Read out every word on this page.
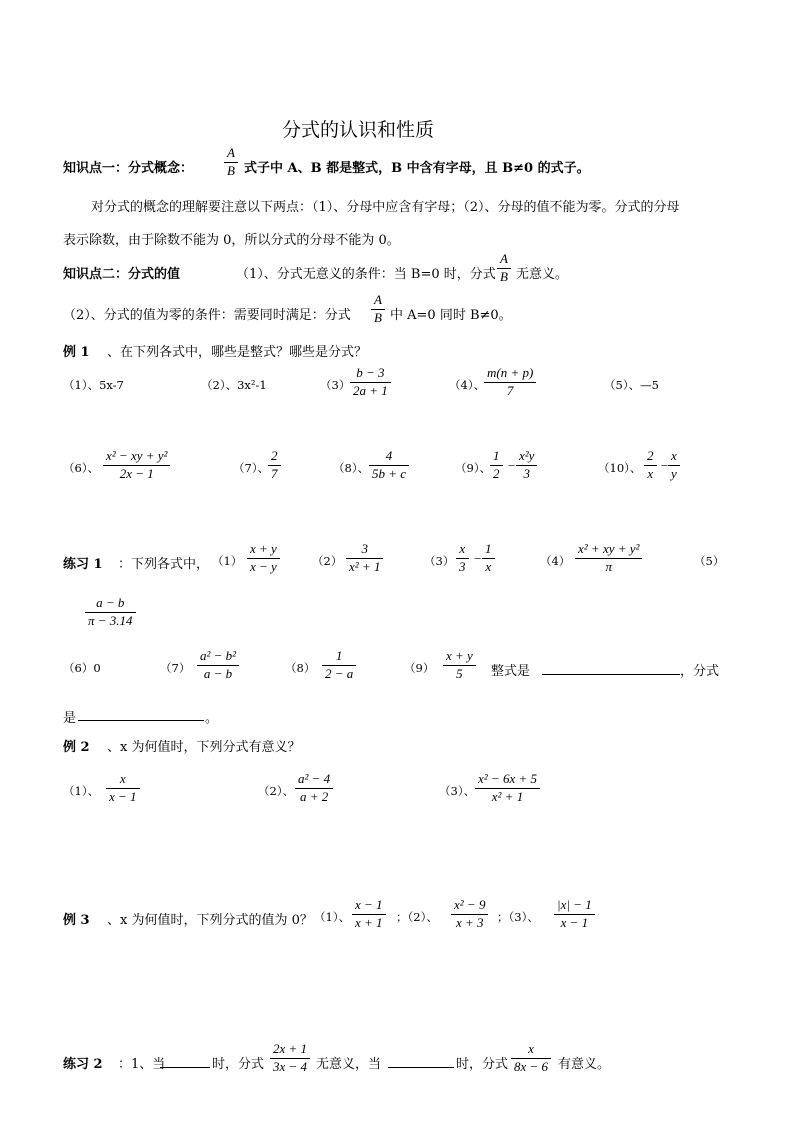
分式的认识和性质
知识点一：分式概念：
A
B 式子中 A、B 都是整式，B 中含有字母，且 B≠0 的式子。
对分式的概念的理解要注意以下两点：（1）、分母中应含有字母；（2）、分母的值不能为零。分式的分母
表示除数，由于除数不能为 0，所以分式的分母不能为 0。
知识点二：分式的值	（1）、分式无意义的条件：当 B=0 时，分式
A
B 无意义。
（2）、分式的值为零的条件：需要同时满足：分式
A
B 中 A=0 同时 B≠0。
例 1 、在下列各式中，哪些是整式？哪些是分式？
（1）、5x-7	（2）、3x²-1	（3）
b − 3
2a + 1	（4）、
m(n + p)
7	（5）、—5
（6）、
x² − xy + y²
2x − 1	（7）、
2
7	（8）、
4
5b + c	（9）、
1
2
−
x²y
3	（10）、
2
x
−
x
y
练习 1 ：下列各式中， （1）
x + y
x − y	（2）
3
x² + 1	（3）
x
3
−
1
x	（4）
x² + xy + y²
π	（5）
a − b
π − 3.14
（6）0	（7）
a² − b²
a − b	（8）
1
2 − a	（9）
x + y
5 整式是	，分式
是	。
例 2 、x 为何值时，下列分式有意义？
（1）、
x
x − 1	（2）、
a² − 4
a + 2	（3）、
x² − 6x + 5
x² + 1
例 3 、x 为何值时，下列分式的值为 0？ （1）、
x − 1
x + 1 ；（2）、
x² − 9
x + 3 ；（3）、
|x| − 1
x − 1
练习 2 ：1、当	时，分式
2x + 1
3x − 4 无意义，当	时，分式
x
8x − 6 有意义。
